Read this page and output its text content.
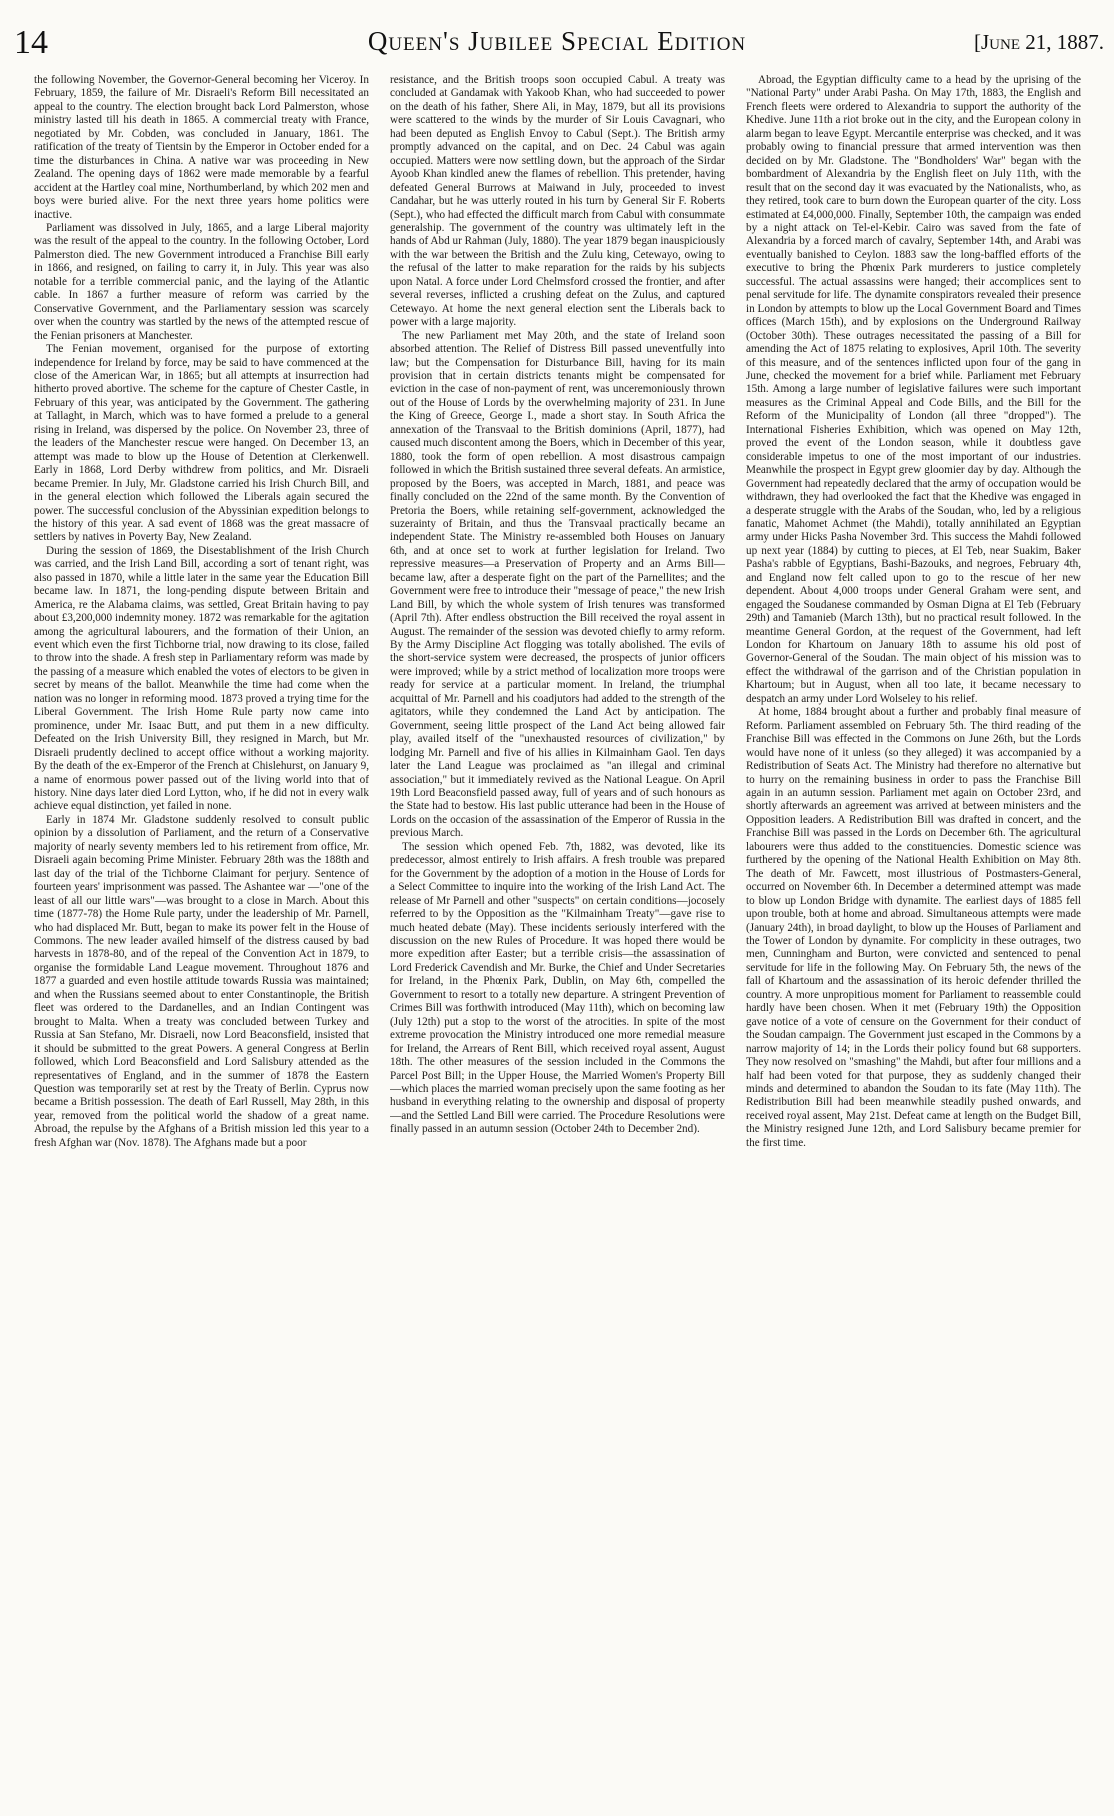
14	Queen's Jubilee Special Edition	[June 21, 1887.

the following November, the Governor-General becoming her Viceroy. In February, 1859, the failure of Mr. Disraeli's Reform Bill necessitated an appeal to the country. The election brought back Lord Palmerston, whose ministry lasted till his death in 1865. A commercial treaty with France, negotiated by Mr. Cobden, was concluded in January, 1861. The ratification of the treaty of Tientsin by the Emperor in October ended for a time the disturbances in China. A native war was proceeding in New Zealand. The opening days of 1862 were made memorable by a fearful accident at the Hartley coal mine, Northumberland, by which 202 men and boys were buried alive. For the next three years home politics were inactive.

Parliament was dissolved in July, 1865, and a large Liberal majority was the result of the appeal to the country. In the following October, Lord Palmerston died. The new Government introduced a Franchise Bill early in 1866, and resigned, on failing to carry it, in July. This year was also notable for a terrible commercial panic, and the laying of the Atlantic cable. In 1867 a further measure of reform was carried by the Conservative Government, and the Parliamentary session was scarcely over when the country was startled by the news of the attempted rescue of the Fenian prisoners at Manchester.

The Fenian movement, organised for the purpose of extorting independence for Ireland by force, may be said to have commenced at the close of the American War, in 1865; but all attempts at insurrection had hitherto proved abortive. The scheme for the capture of Chester Castle, in February of this year, was anticipated by the Government. The gathering at Tallaght, in March, which was to have formed a prelude to a general rising in Ireland, was dispersed by the police. On November 23, three of the leaders of the Manchester rescue were hanged. On December 13, an attempt was made to blow up the House of Detention at Clerkenwell. Early in 1868, Lord Derby withdrew from politics, and Mr. Disraeli became Premier. In July, Mr. Gladstone carried his Irish Church Bill, and in the general election which followed the Liberals again secured the power. The successful conclusion of the Abyssinian expedition belongs to the history of this year. A sad event of 1868 was the great massacre of settlers by natives in Poverty Bay, New Zealand.

During the session of 1869, the Disestablishment of the Irish Church was carried, and the Irish Land Bill, according a sort of tenant right, was also passed in 1870, while a little later in the same year the Education Bill became law. In 1871, the long-pending dispute between Britain and America, re the Alabama claims, was settled, Great Britain having to pay about £3,200,000 indemnity money. 1872 was remarkable for the agitation among the agricultural labourers, and the formation of their Union, an event which even the first Tichborne trial, now drawing to its close, failed to throw into the shade. A fresh step in Parliamentary reform was made by the passing of a measure which enabled the votes of electors to be given in secret by means of the ballot. Meanwhile the time had come when the nation was no longer in reforming mood. 1873 proved a trying time for the Liberal Government. The Irish Home Rule party now came into prominence, under Mr. Isaac Butt, and put them in a new difficulty. Defeated on the Irish University Bill, they resigned in March, but Mr. Disraeli prudently declined to accept office without a working majority. By the death of the ex-Emperor of the French at Chislehurst, on January 9, a name of enormous power passed out of the living world into that of history. Nine days later died Lord Lytton, who, if he did not in every walk achieve equal distinction, yet failed in none.

Early in 1874 Mr. Gladstone suddenly resolved to consult public opinion by a dissolution of Parliament, and the return of a Conservative majority of nearly seventy members led to his retirement from office, Mr. Disraeli again becoming Prime Minister. February 28th was the 188th and last day of the trial of the Tichborne Claimant for perjury. Sentence of fourteen years' imprisonment was passed. The Ashantee war —"one of the least of all our little wars"—was brought to a close in March. About this time (1877-78) the Home Rule party, under the leadership of Mr. Parnell, who had displaced Mr. Butt, began to make its power felt in the House of Commons. The new leader availed himself of the distress caused by bad harvests in 1878-80, and of the repeal of the Convention Act in 1879, to organise the formidable Land League movement. Throughout 1876 and 1877 a guarded and even hostile attitude towards Russia was maintained; and when the Russians seemed about to enter Constantinople, the British fleet was ordered to the Dardanelles, and an Indian Contingent was brought to Malta. When a treaty was concluded between Turkey and Russia at San Stefano, Mr. Disraeli, now Lord Beaconsfield, insisted that it should be submitted to the great Powers. A general Congress at Berlin followed, which Lord Beaconsfield and Lord Salisbury attended as the representatives of England, and in the summer of 1878 the Eastern Question was temporarily set at rest by the Treaty of Berlin. Cyprus now became a British possession. The death of Earl Russell, May 28th, in this year, removed from the political world the shadow of a great name. Abroad, the repulse by the Afghans of a British mission led this year to a fresh Afghan war (Nov. 1878). The Afghans made but a poor

resistance, and the British troops soon occupied Cabul. A treaty was concluded at Gandamak with Yakoob Khan, who had succeeded to power on the death of his father, Shere Ali, in May, 1879, but all its provisions were scattered to the winds by the murder of Sir Louis Cavagnari, who had been deputed as English Envoy to Cabul (Sept.). The British army promptly advanced on the capital, and on Dec. 24 Cabul was again occupied. Matters were now settling down, but the approach of the Sirdar Ayoob Khan kindled anew the flames of rebellion. This pretender, having defeated General Burrows at Maiwand in July, proceeded to invest Candahar, but he was utterly routed in his turn by General Sir F. Roberts (Sept.), who had effected the difficult march from Cabul with consummate generalship. The government of the country was ultimately left in the hands of Abd ur Rahman (July, 1880). The year 1879 began inauspiciously with the war between the British and the Zulu king, Cetewayo, owing to the refusal of the latter to make reparation for the raids by his subjects upon Natal. A force under Lord Chelmsford crossed the frontier, and after several reverses, inflicted a crushing defeat on the Zulus, and captured Cetewayo. At home the next general election sent the Liberals back to power with a large majority.

The new Parliament met May 20th, and the state of Ireland soon absorbed attention. The Relief of Distress Bill passed uneventfully into law; but the Compensation for Disturbance Bill, having for its main provision that in certain districts tenants might be compensated for eviction in the case of non-payment of rent, was unceremoniously thrown out of the House of Lords by the overwhelming majority of 231. In June the King of Greece, George I., made a short stay. In South Africa the annexation of the Transvaal to the British dominions (April, 1877), had caused much discontent among the Boers, which in December of this year, 1880, took the form of open rebellion. A most disastrous campaign followed in which the British sustained three several defeats. An armistice, proposed by the Boers, was accepted in March, 1881, and peace was finally concluded on the 22nd of the same month. By the Convention of Pretoria the Boers, while retaining self-government, acknowledged the suzerainty of Britain, and thus the Transvaal practically became an independent State. The Ministry re-assembled both Houses on January 6th, and at once set to work at further legislation for Ireland. Two repressive measures—a Preservation of Property and an Arms Bill—became law, after a desperate fight on the part of the Parnellites; and the Government were free to introduce their "message of peace," the new Irish Land Bill, by which the whole system of Irish tenures was transformed (April 7th). After endless obstruction the Bill received the royal assent in August. The remainder of the session was devoted chiefly to army reform. By the Army Discipline Act flogging was totally abolished. The evils of the short-service system were decreased, the prospects of junior officers were improved; while by a strict method of localization more troops were ready for service at a particular moment. In Ireland, the triumphal acquittal of Mr. Parnell and his coadjutors had added to the strength of the agitators, while they condemned the Land Act by anticipation. The Government, seeing little prospect of the Land Act being allowed fair play, availed itself of the "unexhausted resources of civilization," by lodging Mr. Parnell and five of his allies in Kilmainham Gaol. Ten days later the Land League was proclaimed as "an illegal and criminal association," but it immediately revived as the National League. On April 19th Lord Beaconsfield passed away, full of years and of such honours as the State had to bestow. His last public utterance had been in the House of Lords on the occasion of the assassination of the Emperor of Russia in the previous March.

The session which opened Feb. 7th, 1882, was devoted, like its predecessor, almost entirely to Irish affairs. A fresh trouble was prepared for the Government by the adoption of a motion in the House of Lords for a Select Committee to inquire into the working of the Irish Land Act. The release of Mr Parnell and other "suspects" on certain conditions—jocosely referred to by the Opposition as the "Kilmainham Treaty"—gave rise to much heated debate (May). These incidents seriously interfered with the discussion on the new Rules of Procedure. It was hoped there would be more expedition after Easter; but a terrible crisis—the assassination of Lord Frederick Cavendish and Mr. Burke, the Chief and Under Secretaries for Ireland, in the Phœnix Park, Dublin, on May 6th, compelled the Government to resort to a totally new departure. A stringent Prevention of Crimes Bill was forthwith introduced (May 11th), which on becoming law (July 12th) put a stop to the worst of the atrocities. In spite of the most extreme provocation the Ministry introduced one more remedial measure for Ireland, the Arrears of Rent Bill, which received royal assent, August 18th. The other measures of the session included in the Commons the Parcel Post Bill; in the Upper House, the Married Women's Property Bill—which places the married woman precisely upon the same footing as her husband in everything relating to the ownership and disposal of property—and the Settled Land Bill were carried. The Procedure Resolutions were finally passed in an autumn session (October 24th to December 2nd).

Abroad, the Egyptian difficulty came to a head by the uprising of the "National Party" under Arabi Pasha. On May 17th, 1883, the English and French fleets were ordered to Alexandria to support the authority of the Khedive. June 11th a riot broke out in the city, and the European colony in alarm began to leave Egypt. Mercantile enterprise was checked, and it was probably owing to financial pressure that armed intervention was then decided on by Mr. Gladstone. The "Bondholders' War" began with the bombardment of Alexandria by the English fleet on July 11th, with the result that on the second day it was evacuated by the Nationalists, who, as they retired, took care to burn down the European quarter of the city. Loss estimated at £4,000,000. Finally, September 10th, the campaign was ended by a night attack on Tel-el-Kebir. Cairo was saved from the fate of Alexandria by a forced march of cavalry, September 14th, and Arabi was eventually banished to Ceylon. 1883 saw the long-baffled efforts of the executive to bring the Phœnix Park murderers to justice completely successful. The actual assassins were hanged; their accomplices sent to penal servitude for life. The dynamite conspirators revealed their presence in London by attempts to blow up the Local Government Board and Times offices (March 15th), and by explosions on the Underground Railway (October 30th). These outrages necessitated the passing of a Bill for amending the Act of 1875 relating to explosives, April 10th. The severity of this measure, and of the sentences inflicted upon four of the gang in June, checked the movement for a brief while. Parliament met February 15th. Among a large number of legislative failures were such important measures as the Criminal Appeal and Code Bills, and the Bill for the Reform of the Municipality of London (all three "dropped"). The International Fisheries Exhibition, which was opened on May 12th, proved the event of the London season, while it doubtless gave considerable impetus to one of the most important of our industries. Meanwhile the prospect in Egypt grew gloomier day by day. Although the Government had repeatedly declared that the army of occupation would be withdrawn, they had overlooked the fact that the Khedive was engaged in a desperate struggle with the Arabs of the Soudan, who, led by a religious fanatic, Mahomet Achmet (the Mahdi), totally annihilated an Egyptian army under Hicks Pasha November 3rd. This success the Mahdi followed up next year (1884) by cutting to pieces, at El Teb, near Suakim, Baker Pasha's rabble of Egyptians, Bashi-Bazouks, and negroes, February 4th, and England now felt called upon to go to the rescue of her new dependent. About 4,000 troops under General Graham were sent, and engaged the Soudanese commanded by Osman Digna at El Teb (February 29th) and Tamanieb (March 13th), but no practical result followed. In the meantime General Gordon, at the request of the Government, had left London for Khartoum on January 18th to assume his old post of Governor-General of the Soudan. The main object of his mission was to effect the withdrawal of the garrison and of the Christian population in Khartoum; but in August, when all too late, it became necessary to despatch an army under Lord Wolseley to his relief.

At home, 1884 brought about a further and probably final measure of Reform. Parliament assembled on February 5th. The third reading of the Franchise Bill was effected in the Commons on June 26th, but the Lords would have none of it unless (so they alleged) it was accompanied by a Redistribution of Seats Act. The Ministry had therefore no alternative but to hurry on the remaining business in order to pass the Franchise Bill again in an autumn session. Parliament met again on October 23rd, and shortly afterwards an agreement was arrived at between ministers and the Opposition leaders. A Redistribution Bill was drafted in concert, and the Franchise Bill was passed in the Lords on December 6th. The agricultural labourers were thus added to the constituencies. Domestic science was furthered by the opening of the National Health Exhibition on May 8th. The death of Mr. Fawcett, most illustrious of Postmasters-General, occurred on November 6th. In December a determined attempt was made to blow up London Bridge with dynamite. The earliest days of 1885 fell upon trouble, both at home and abroad. Simultaneous attempts were made (January 24th), in broad daylight, to blow up the Houses of Parliament and the Tower of London by dynamite. For complicity in these outrages, two men, Cunningham and Burton, were convicted and sentenced to penal servitude for life in the following May. On February 5th, the news of the fall of Khartoum and the assassination of its heroic defender thrilled the country. A more unpropitious moment for Parliament to reassemble could hardly have been chosen. When it met (February 19th) the Opposition gave notice of a vote of censure on the Government for their conduct of the Soudan campaign. The Government just escaped in the Commons by a narrow majority of 14; in the Lords their policy found but 68 supporters. They now resolved on "smashing" the Mahdi, but after four millions and a half had been voted for that purpose, they as suddenly changed their minds and determined to abandon the Soudan to its fate (May 11th). The Redistribution Bill had been meanwhile steadily pushed onwards, and received royal assent, May 21st. Defeat came at length on the Budget Bill, the Ministry resigned June 12th, and Lord Salisbury became premier for the first time.
